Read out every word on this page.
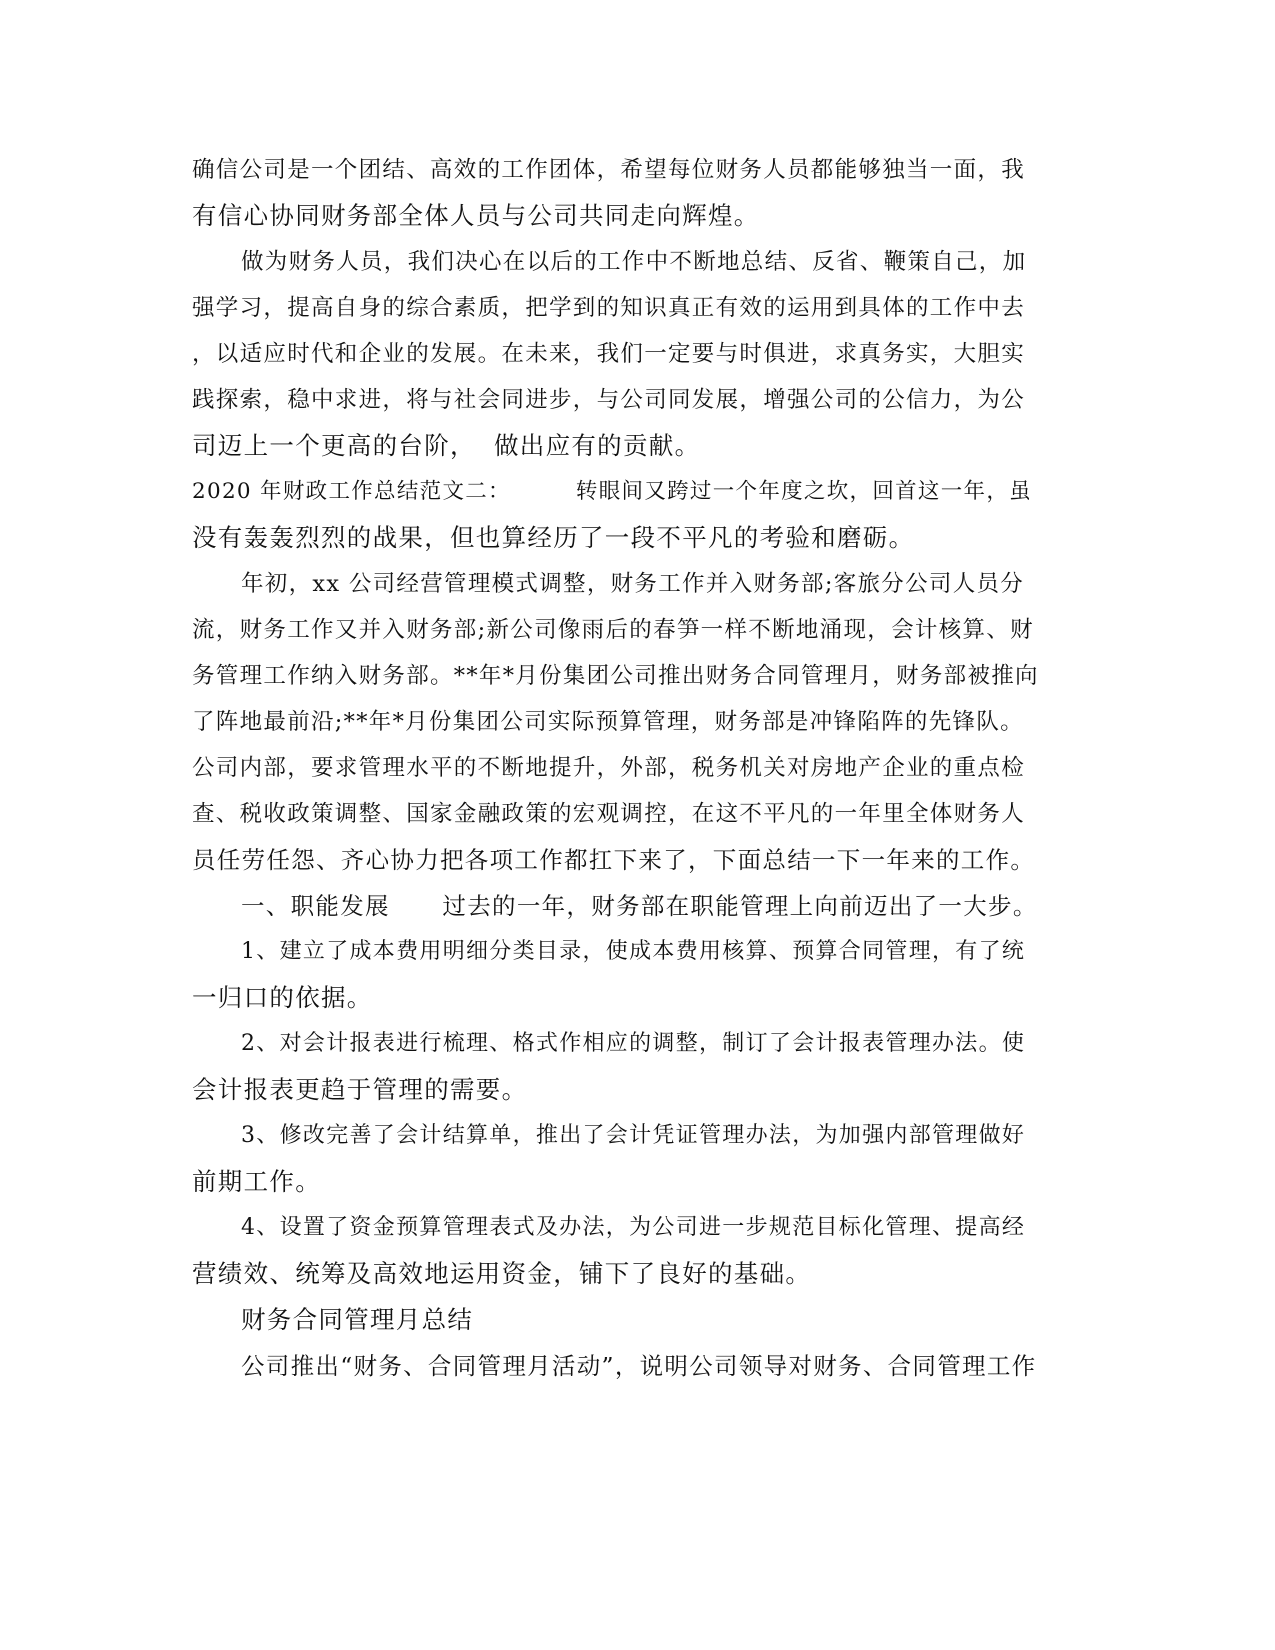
确信公司是一个团结、高效的工作团体，希望每位财务人员都能够独当一面，我

有信心协同财务部全体人员与公司共同走向辉煌。

做为财务人员，我们决心在以后的工作中不断地总结、反省、鞭策自己，加

强学习，提高自身的综合素质，把学到的知识真正有效的运用到具体的工作中去

，以适应时代和企业的发展。在未来，我们一定要与时俱进，求真务实，大胆实

践探索，稳中求进，将与社会同进步，与公司同发展，增强公司的公信力，为公

司迈上一个更高的台阶，  做出应有的贡献。

2020 年财政工作总结范文二：        转眼间又跨过一个年度之坎，回首这一年，虽

没有轰轰烈烈的战果，但也算经历了一段不平凡的考验和磨砺。

年初，xx 公司经营管理模式调整，财务工作并入财务部;客旅分公司人员分

流，财务工作又并入财务部;新公司像雨后的春笋一样不断地涌现，会计核算、财

务管理工作纳入财务部。**年*月份集团公司推出财务合同管理月，财务部被推向

了阵地最前沿;**年*月份集团公司实际预算管理，财务部是冲锋陷阵的先锋队。

公司内部，要求管理水平的不断地提升，外部，税务机关对房地产企业的重点检

查、税收政策调整、国家金融政策的宏观调控，在这不平凡的一年里全体财务人

员任劳任怨、齐心协力把各项工作都扛下来了，下面总结一下一年来的工作。

一、职能发展      过去的一年，财务部在职能管理上向前迈出了一大步。

1、建立了成本费用明细分类目录，使成本费用核算、预算合同管理，有了统

一归口的依据。

2、对会计报表进行梳理、格式作相应的调整，制订了会计报表管理办法。使

会计报表更趋于管理的需要。

3、修改完善了会计结算单，推出了会计凭证管理办法，为加强内部管理做好

前期工作。

4、设置了资金预算管理表式及办法，为公司进一步规范目标化管理、提高经

营绩效、统筹及高效地运用资金，铺下了良好的基础。

财务合同管理月总结

公司推出“财务、合同管理月活动”，说明公司领导对财务、合同管理工作
